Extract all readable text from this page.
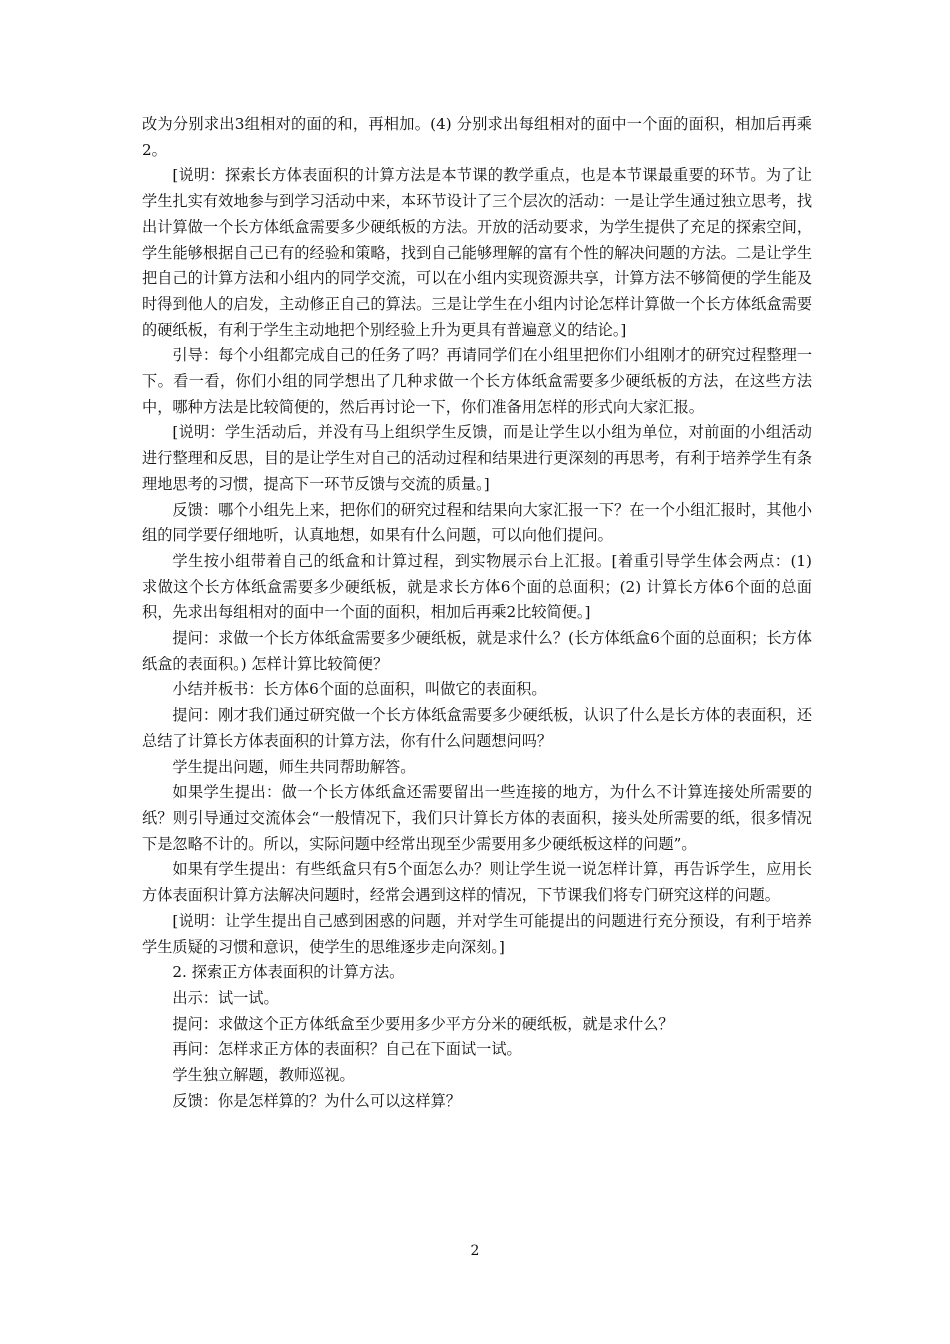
改为分别求出3组相对的面的和，再相加。(4) 分别求出每组相对的面中一个面的面积，相加后再乘2。

[说明：探索长方体表面积的计算方法是本节课的教学重点，也是本节课最重要的环节。为了让学生扎实有效地参与到学习活动中来，本环节设计了三个层次的活动：一是让学生通过独立思考，找出计算做一个长方体纸盒需要多少硬纸板的方法。开放的活动要求，为学生提供了充足的探索空间，学生能够根据自己已有的经验和策略，找到自己能够理解的富有个性的解决问题的方法。二是让学生把自己的计算方法和小组内的同学交流，可以在小组内实现资源共享，计算方法不够简便的学生能及时得到他人的启发，主动修正自己的算法。三是让学生在小组内讨论怎样计算做一个长方体纸盒需要的硬纸板，有利于学生主动地把个别经验上升为更具有普遍意义的结论。]

引导：每个小组都完成自己的任务了吗？再请同学们在小组里把你们小组刚才的研究过程整理一下。看一看，你们小组的同学想出了几种求做一个长方体纸盒需要多少硬纸板的方法，在这些方法中，哪种方法是比较简便的，然后再讨论一下，你们准备用怎样的形式向大家汇报。

[说明：学生活动后，并没有马上组织学生反馈，而是让学生以小组为单位，对前面的小组活动进行整理和反思，目的是让学生对自己的活动过程和结果进行更深刻的再思考，有利于培养学生有条理地思考的习惯，提高下一环节反馈与交流的质量。]

反馈：哪个小组先上来，把你们的研究过程和结果向大家汇报一下？在一个小组汇报时，其他小组的同学要仔细地听，认真地想，如果有什么问题，可以向他们提问。

学生按小组带着自己的纸盒和计算过程，到实物展示台上汇报。[着重引导学生体会两点：(1) 求做这个长方体纸盒需要多少硬纸板，就是求长方体6个面的总面积；(2) 计算长方体6个面的总面积，先求出每组相对的面中一个面的面积，相加后再乘2比较简便。]

提问：求做一个长方体纸盒需要多少硬纸板，就是求什么？(长方体纸盒6个面的总面积；长方体纸盒的表面积。) 怎样计算比较简便？

小结并板书：长方体6个面的总面积，叫做它的表面积。

提问：刚才我们通过研究做一个长方体纸盒需要多少硬纸板，认识了什么是长方体的表面积，还总结了计算长方体表面积的计算方法，你有什么问题想问吗？

学生提出问题，师生共同帮助解答。

如果学生提出：做一个长方体纸盒还需要留出一些连接的地方，为什么不计算连接处所需要的纸？则引导通过交流体会“一般情况下，我们只计算长方体的表面积，接头处所需要的纸，很多情况下是忽略不计的。所以，实际问题中经常出现至少需要用多少硬纸板这样的问题”。

如果有学生提出：有些纸盒只有5个面怎么办？则让学生说一说怎样计算，再告诉学生，应用长方体表面积计算方法解决问题时，经常会遇到这样的情况，下节课我们将专门研究这样的问题。

[说明：让学生提出自己感到困惑的问题，并对学生可能提出的问题进行充分预设，有利于培养学生质疑的习惯和意识，使学生的思维逐步走向深刻。]

2. 探索正方体表面积的计算方法。

出示：试一试。

提问：求做这个正方体纸盒至少要用多少平方分米的硬纸板，就是求什么？

再问：怎样求正方体的表面积？自己在下面试一试。

学生独立解题，教师巡视。

反馈：你是怎样算的？为什么可以这样算？

2
